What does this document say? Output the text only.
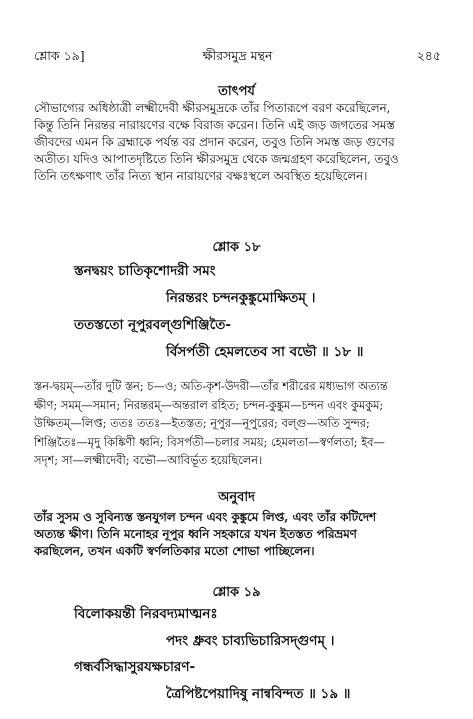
শ্লোক ১৯]	ক্ষীরসমুদ্র মন্থন	২৪৫
তাৎপর্য
সৌভাগ্যের অধিষ্ঠাত্রী লক্ষ্মীদেবী ক্ষীরসমুদ্রকে তাঁর পিতারূপে বরণ করেছিলেন,
কিন্তু তিনি নিরন্তর নারায়ণের বক্ষে বিরাজ করেন। তিনি এই জড় জগতের সমস্ত
জীবদের এমন কি ব্রহ্মাকে পর্যন্ত বর প্রদান করেন, তবুও তিনি সমস্ত জড় গুণের
অতীত। যদিও আপাতদৃষ্টিতে তিনি ক্ষীরসমুদ্র থেকে জন্মগ্রহণ করেছিলেন, তবুও
তিনি তৎক্ষণাৎ তাঁর নিত্য স্থান নারায়ণের বক্ষঃস্থলে অবস্থিত হয়েছিলেন।
শ্লোক ১৮
স্তনদ্বয়ং চাতিকৃশোদরী সমং
নিরন্তরং চন্দনকুঙ্কুমোক্ষিতম্ ।
ততস্ততো নূপুরবল্গুশিঞ্জিতৈ-
র্বিসর্পতী হেমলতেব সা বভৌ ॥ ১৮ ॥
স্তন-দ্বয়ম্—তাঁর দুটি স্তন; চ—ও; অতি-কৃশ-উদরী—তাঁর শরীরের মধ্যভাগ অত্যন্ত
ক্ষীণ; সমম্—সমান; নিরন্তরম্—অন্তরাল রহিত; চন্দন-কুঙ্কুম—চন্দন এবং কুমকুম;
উক্ষিতম্—লিপ্ত; ততঃ ততঃ—ইতস্তত; নূপুর—নূপুরের; বল্গু—অতি সুন্দর;
শিঞ্জিতৈঃ—মৃদু কিঙ্কিণী ধ্বনি; বিসর্পতী—চলার সময়; হেমলতা—স্বর্ণলতা; ইব—
সদৃশ; সা—লক্ষ্মীদেবী; বভৌ—আবির্ভূত হয়েছিলেন।
অনুবাদ
তাঁর সুসম ও সুবিন্যস্ত স্তনযুগল চন্দন এবং কুঙ্কুমে লিপ্ত, এবং তাঁর কটিদেশ
অত্যন্ত ক্ষীণ। তিনি মনোহর নূপুর ধ্বনি সহকারে যখন ইতস্তত পরিভ্রমণ
করছিলেন, তখন একটি স্বর্ণলতিকার মতো শোভা পাচ্ছিলেন।
শ্লোক ১৯
বিলোকয়ন্তী নিরবদ্যমাত্মনঃ
পদং ধ্রুবং চাব্যভিচারিসদ্গুণম্ ।
গন্ধর্বসিদ্ধাসুরযক্ষচারণ-
ত্রৈপিষ্টপেয়াদিষু নান্ববিন্দত ॥ ১৯ ॥
